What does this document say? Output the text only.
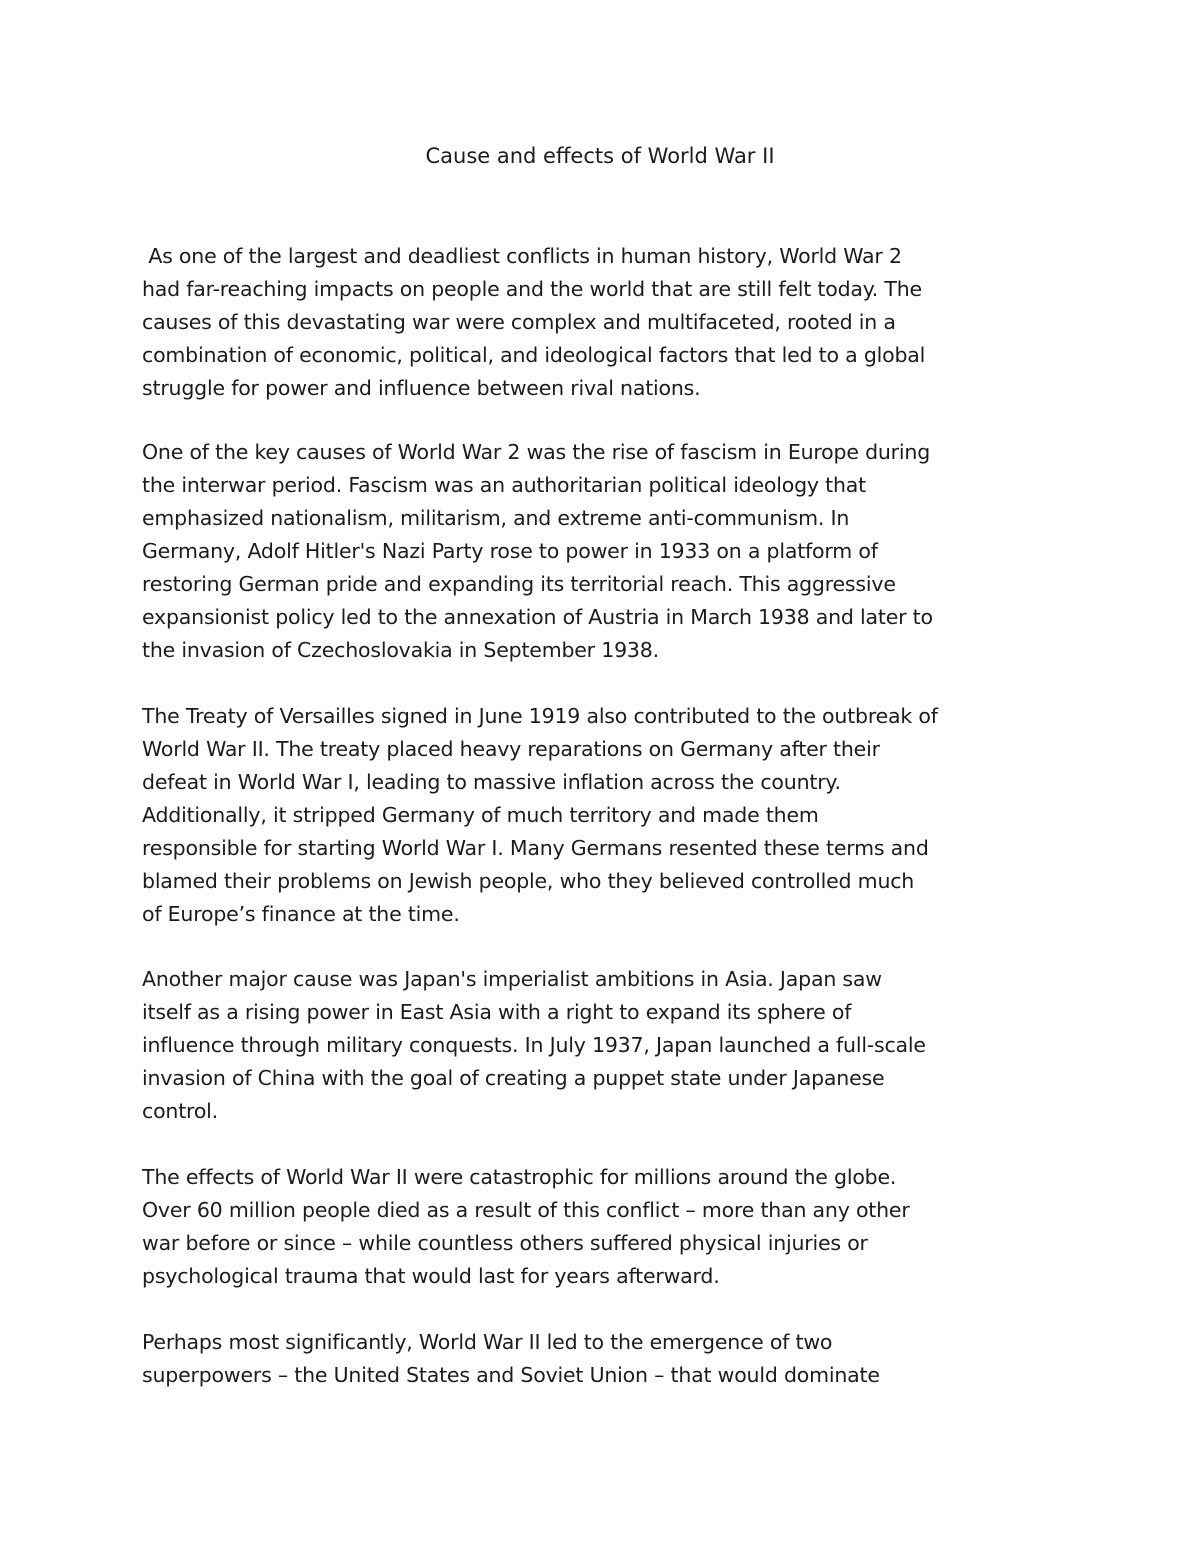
Cause and effects of World War II
As one of the largest and deadliest conflicts in human history, World War 2
had far-reaching impacts on people and the world that are still felt today. The
causes of this devastating war were complex and multifaceted, rooted in a
combination of economic, political, and ideological factors that led to a global
struggle for power and influence between rival nations.
One of the key causes of World War 2 was the rise of fascism in Europe during
the interwar period. Fascism was an authoritarian political ideology that
emphasized nationalism, militarism, and extreme anti-communism. In
Germany, Adolf Hitler's Nazi Party rose to power in 1933 on a platform of
restoring German pride and expanding its territorial reach. This aggressive
expansionist policy led to the annexation of Austria in March 1938 and later to
the invasion of Czechoslovakia in September 1938.
The Treaty of Versailles signed in June 1919 also contributed to the outbreak of
World War II. The treaty placed heavy reparations on Germany after their
defeat in World War I, leading to massive inflation across the country.
Additionally, it stripped Germany of much territory and made them
responsible for starting World War I. Many Germans resented these terms and
blamed their problems on Jewish people, who they believed controlled much
of Europe’s finance at the time.
Another major cause was Japan's imperialist ambitions in Asia. Japan saw
itself as a rising power in East Asia with a right to expand its sphere of
influence through military conquests. In July 1937, Japan launched a full-scale
invasion of China with the goal of creating a puppet state under Japanese
control.
The effects of World War II were catastrophic for millions around the globe.
Over 60 million people died as a result of this conflict – more than any other
war before or since – while countless others suffered physical injuries or
psychological trauma that would last for years afterward.
Perhaps most significantly, World War II led to the emergence of two
superpowers – the United States and Soviet Union – that would dominate
